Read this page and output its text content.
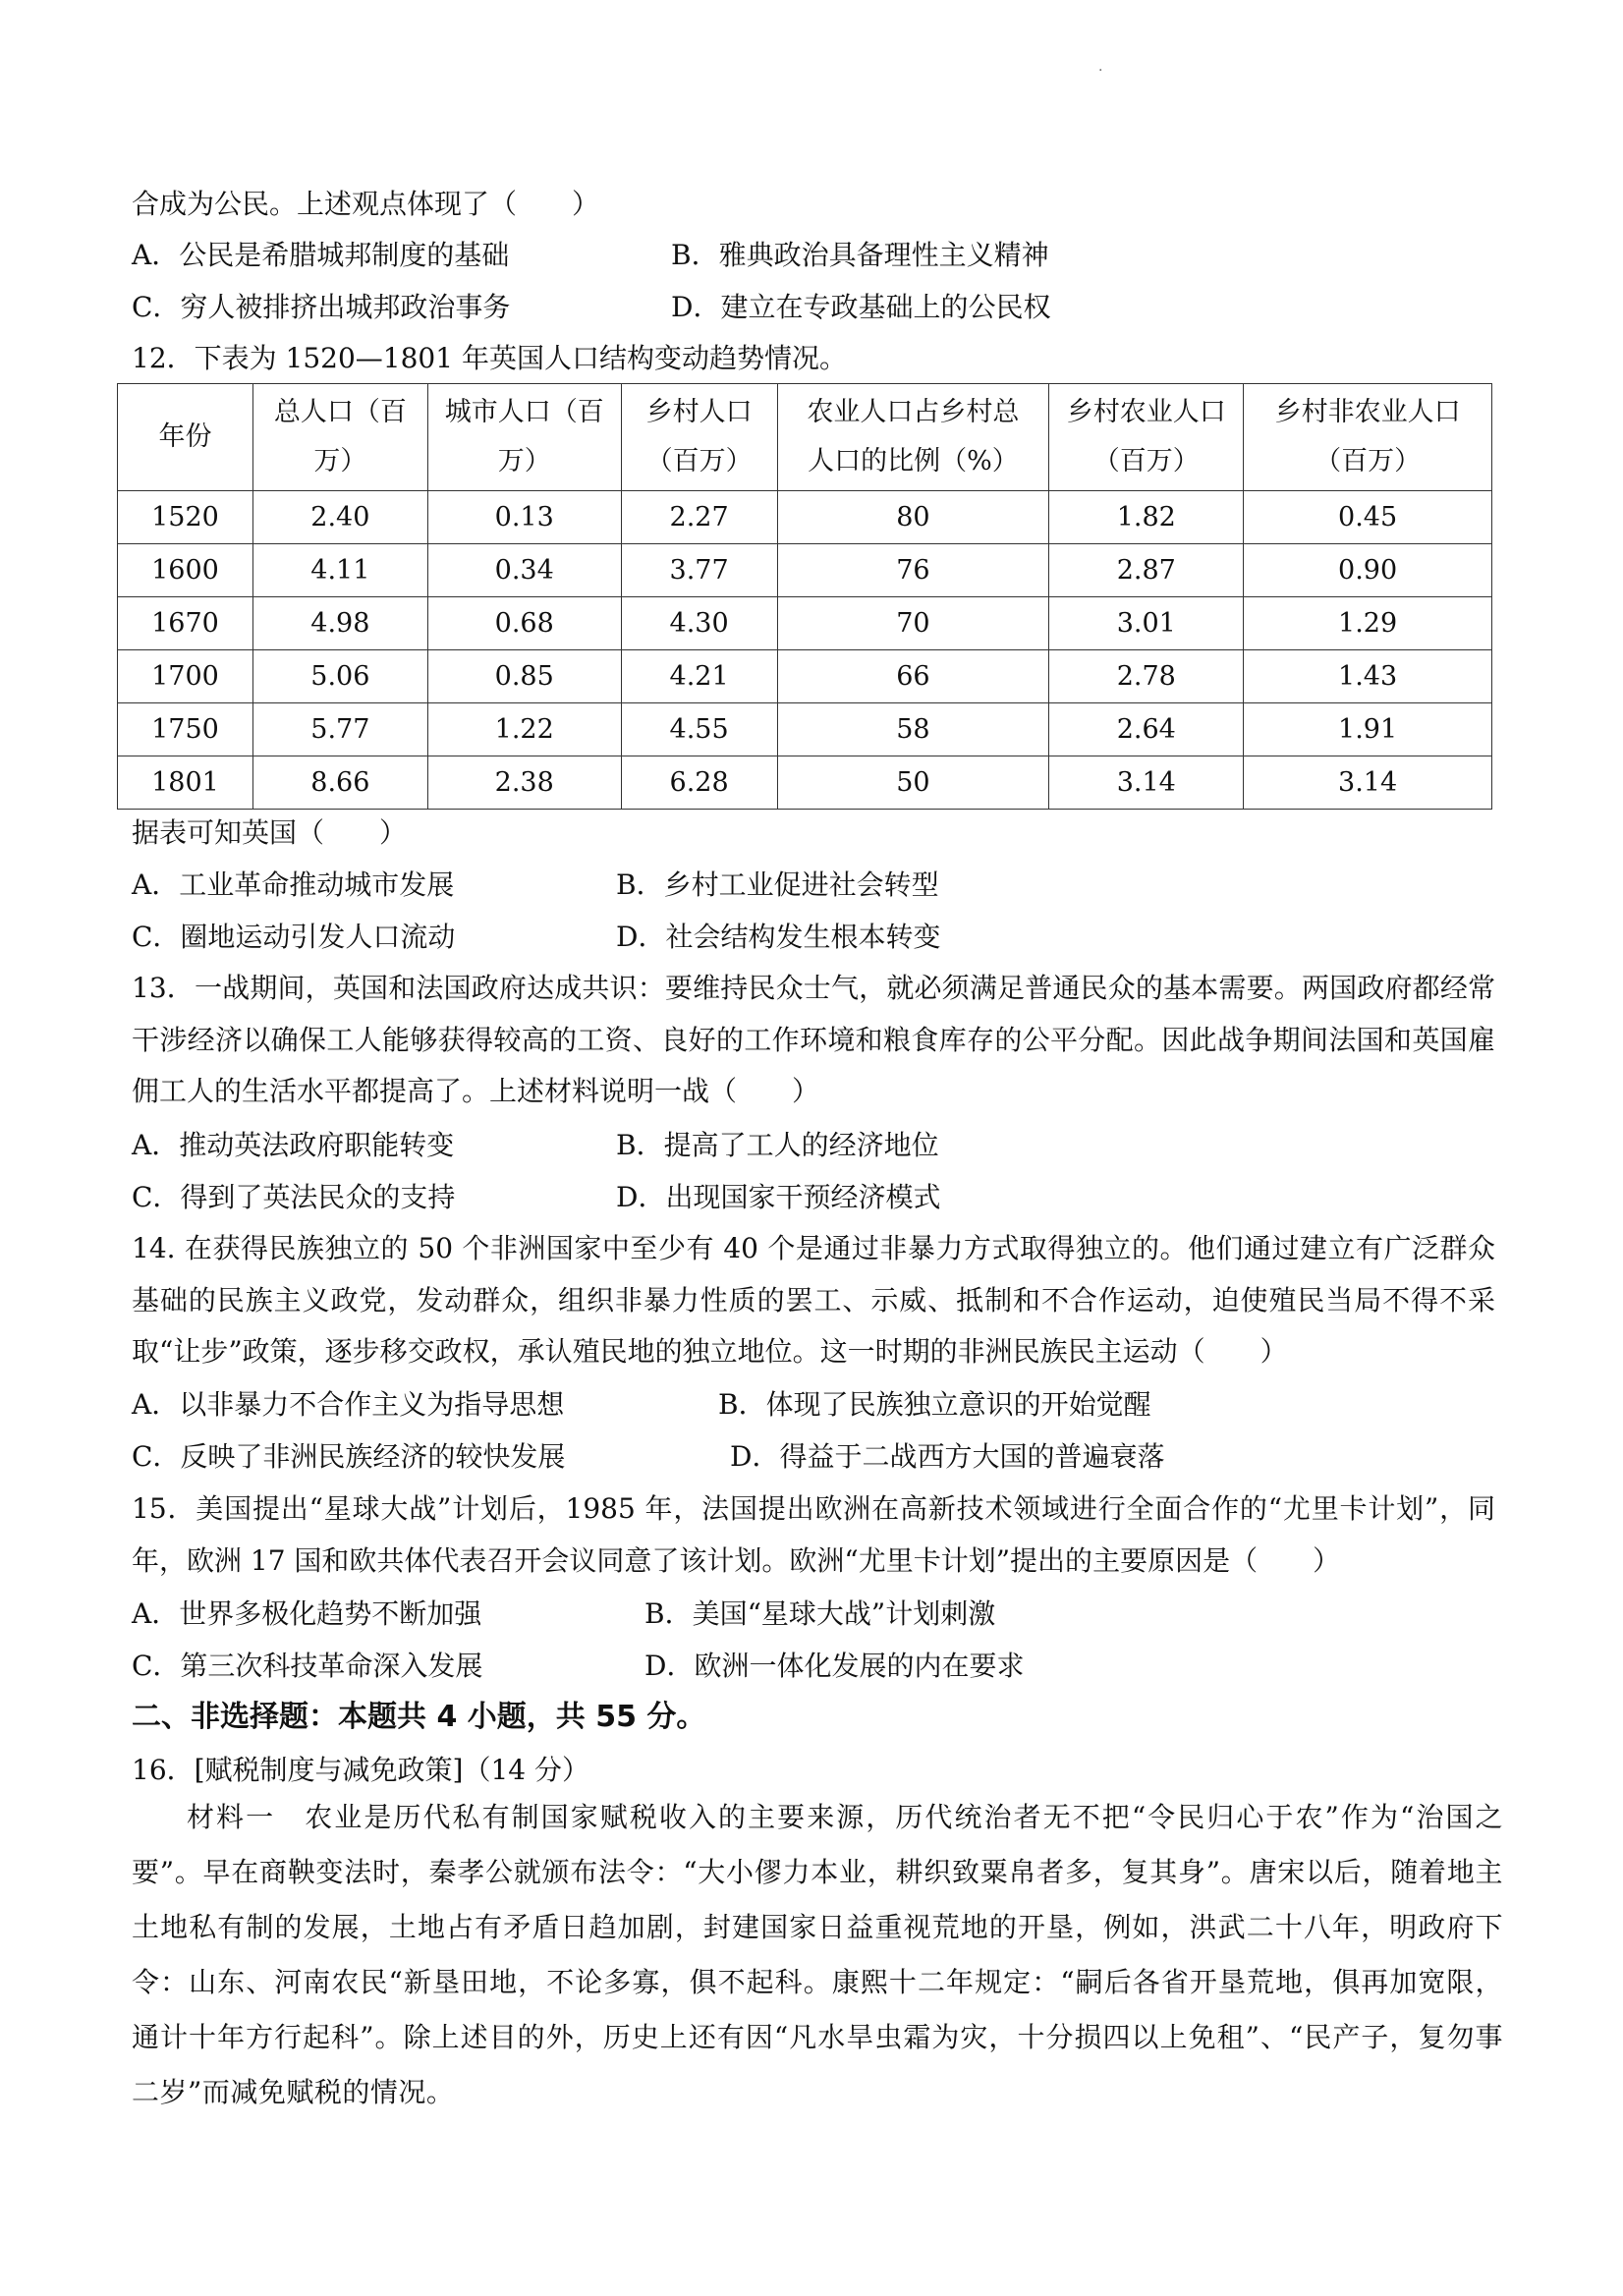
.
合成为公民。上述观点体现了（　　）
A．公民是希腊城邦制度的基础	B．雅典政治具备理性主义精神
C．穷人被排挤出城邦政治事务	D．建立在专政基础上的公民权
12．下表为 1520—1801 年英国人口结构变动趋势情况。
年份	总人口（百万）	城市人口（百万）	乡村人口（百万）	农业人口占乡村总人口的比例（%）	乡村农业人口（百万）	乡村非农业人口（百万）
1520	2.40	0.13	2.27	80	1.82	0.45
1600	4.11	0.34	3.77	76	2.87	0.90
1670	4.98	0.68	4.30	70	3.01	1.29
1700	5.06	0.85	4.21	66	2.78	1.43
1750	5.77	1.22	4.55	58	2.64	1.91
1801	8.66	2.38	6.28	50	3.14	3.14
据表可知英国（　　）
A．工业革命推动城市发展	B．乡村工业促进社会转型
C．圈地运动引发人口流动	D．社会结构发生根本转变
13．一战期间，英国和法国政府达成共识：要维持民众士气，就必须满足普通民众的基本需要。两国政府都经常干涉经济以确保工人能够获得较高的工资、良好的工作环境和粮食库存的公平分配。因此战争期间法国和英国雇佣工人的生活水平都提高了。上述材料说明一战（　　）
A．推动英法政府职能转变	B．提高了工人的经济地位
C．得到了英法民众的支持	D．出现国家干预经济模式
14. 在获得民族独立的 50 个非洲国家中至少有 40 个是通过非暴力方式取得独立的。他们通过建立有广泛群众基础的民族主义政党，发动群众，组织非暴力性质的罢工、示威、抵制和不合作运动，迫使殖民当局不得不采取“让步”政策，逐步移交政权，承认殖民地的独立地位。这一时期的非洲民族民主运动（　　）
A．以非暴力不合作主义为指导思想	B．体现了民族独立意识的开始觉醒
C．反映了非洲民族经济的较快发展	D．得益于二战西方大国的普遍衰落
15．美国提出“星球大战”计划后，1985 年，法国提出欧洲在高新技术领域进行全面合作的“尤里卡计划”，同年，欧洲 17 国和欧共体代表召开会议同意了该计划。欧洲“尤里卡计划”提出的主要原因是（　　）
A．世界多极化趋势不断加强	B．美国“星球大战”计划刺激
C．第三次科技革命深入发展	D．欧洲一体化发展的内在要求
二、非选择题：本题共 4 小题，共 55 分。
16．[赋税制度与减免政策]（14 分）
材料一　农业是历代私有制国家赋税收入的主要来源，历代统治者无不把“令民归心于农”作为“治国之要”。早在商鞅变法时，秦孝公就颁布法令：“大小僇力本业，耕织致粟帛者多，复其身”。唐宋以后，随着地主土地私有制的发展，土地占有矛盾日趋加剧，封建国家日益重视荒地的开垦，例如，洪武二十八年，明政府下令：山东、河南农民“新垦田地，不论多寡，俱不起科。康熙十二年规定：“嗣后各省开垦荒地，俱再加宽限，通计十年方行起科”。除上述目的外，历史上还有因“凡水旱虫霜为灾，十分损四以上免租”、“民产子，复勿事二岁”而减免赋税的情况。
